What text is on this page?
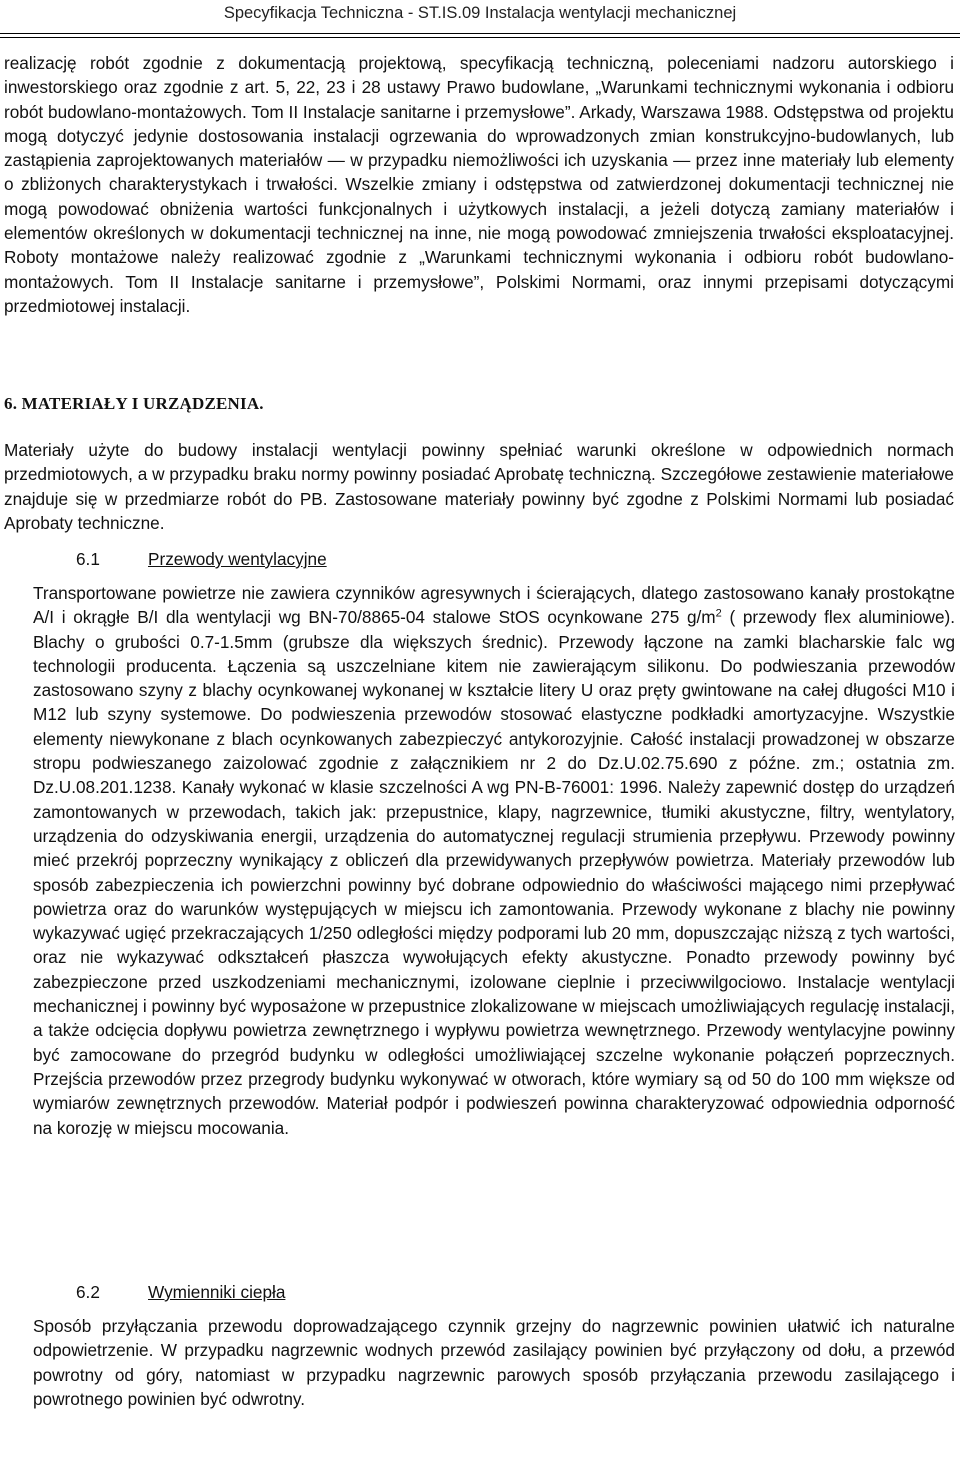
Specyfikacja Techniczna - ST.IS.09 Instalacja wentylacji mechanicznej

realizację robót zgodnie z dokumentacją projektową, specyfikacją techniczną, poleceniami nadzoru autorskiego i inwestorskiego oraz zgodnie z art. 5, 22, 23 i 28 ustawy Prawo budowlane, „Warunkami technicznymi wykonania i odbioru robót budowlano-montażowych. Tom II Instalacje sanitarne i przemysłowe”. Arkady, Warszawa 1988. Odstępstwa od projektu mogą dotyczyć jedynie dostosowania instalacji ogrzewania do wprowadzonych zmian konstrukcyjno-budowlanych, lub zastąpienia zaprojektowanych materiałów — w przypadku niemożliwości ich uzyskania — przez inne materiały lub elementy o zbliżonych charakterystykach i trwałości. Wszelkie zmiany i odstępstwa od zatwierdzonej dokumentacji technicznej nie mogą powodować obniżenia wartości funkcjonalnych i użytkowych instalacji, a jeżeli dotyczą zamiany materiałów i elementów określonych w dokumentacji technicznej na inne, nie mogą powodować zmniejszenia trwałości eksploatacyjnej. Roboty montażowe należy realizować zgodnie z „Warunkami technicznymi wykonania i odbioru robót budowlano-montażowych. Tom II Instalacje sanitarne i przemysłowe”, Polskimi Normami, oraz innymi przepisami dotyczącymi przedmiotowej instalacji.

6. MATERIAŁY I URZĄDZENIA.

Materiały użyte do budowy instalacji wentylacji powinny spełniać warunki określone w odpowiednich normach przedmiotowych, a w przypadku braku normy powinny posiadać Aprobatę techniczną. Szczegółowe zestawienie materiałowe znajduje się w przedmiarze robót do PB. Zastosowane materiały powinny być zgodne z Polskimi Normami lub posiadać Aprobaty techniczne.

6.1	Przewody wentylacyjne

Transportowane powietrze nie zawiera czynników agresywnych i ścierających, dlatego zastosowano kanały prostokątne A/I i okrągłe B/I dla wentylacji wg BN-70/8865-04 stalowe StOS ocynkowane 275 $g/m^2$ ( przewody flex aluminiowe). Blachy o grubości 0.7-1.5mm (grubsze dla większych średnic). Przewody łączone na zamki blacharskie falc wg technologii producenta. Łączenia są uszczelniane kitem nie zawierającym silikonu. Do podwieszania przewodów zastosowano szyny z blachy ocynkowanej wykonanej w kształcie litery U oraz pręty gwintowane na całej długości M10 i M12 lub szyny systemowe. Do podwieszenia przewodów stosować elastyczne podkładki amortyzacyjne. Wszystkie elementy niewykonane z blach ocynkowanych zabezpieczyć antykorozyjnie. Całość instalacji prowadzonej w obszarze stropu podwieszanego zaizolować zgodnie z załącznikiem nr 2 do Dz.U.02.75.690 z późne. zm.; ostatnia zm. Dz.U.08.201.1238. Kanały wykonać w klasie szczelności A wg PN-B-76001: 1996. Należy zapewnić dostęp do urządzeń zamontowanych w przewodach, takich jak: przepustnice, klapy, nagrzewnice, tłumiki akustyczne, filtry, wentylatory, urządzenia do odzyskiwania energii, urządzenia do automatycznej regulacji strumienia przepływu. Przewody powinny mieć przekrój poprzeczny wynikający z obliczeń dla przewidywanych przepływów powietrza. Materiały przewodów lub sposób zabezpieczenia ich powierzchni powinny być dobrane odpowiednio do właściwości mającego nimi przepływać powietrza oraz do warunków występujących w miejscu ich zamontowania. Przewody wykonane z blachy nie powinny wykazywać ugięć przekraczających 1/250 odległości między podporami lub 20 mm, dopuszczając niższą z tych wartości, oraz nie wykazywać odkształceń płaszcza wywołujących efekty akustyczne. Ponadto przewody powinny być zabezpieczone przed uszkodzeniami mechanicznymi, izolowane cieplnie i przeciwwilgociowo. Instalacje wentylacji mechanicznej i powinny być wyposażone w przepustnice zlokalizowane w miejscach umożliwiających regulację instalacji, a także odcięcia dopływu powietrza zewnętrznego i wypływu powietrza wewnętrznego. Przewody wentylacyjne powinny być zamocowane do przegród budynku w odległości umożliwiającej szczelne wykonanie połączeń poprzecznych. Przejścia przewodów przez przegrody budynku wykonywać w otworach, które wymiary są od 50 do 100 mm większe od wymiarów zewnętrznych przewodów. Materiał podpór i podwieszeń powinna charakteryzować odpowiednia odporność na korozję w miejscu mocowania.

6.2	Wymienniki ciepła

Sposób przyłączania przewodu doprowadzającego czynnik grzejny do nagrzewnic powinien ułatwić ich naturalne odpowietrzenie. W przypadku nagrzewnic wodnych przewód zasilający powinien być przyłączony od dołu, a przewód powrotny od góry, natomiast w przypadku nagrzewnic parowych sposób przyłączania przewodu zasilającego i powrotnego powinien być odwrotny.
